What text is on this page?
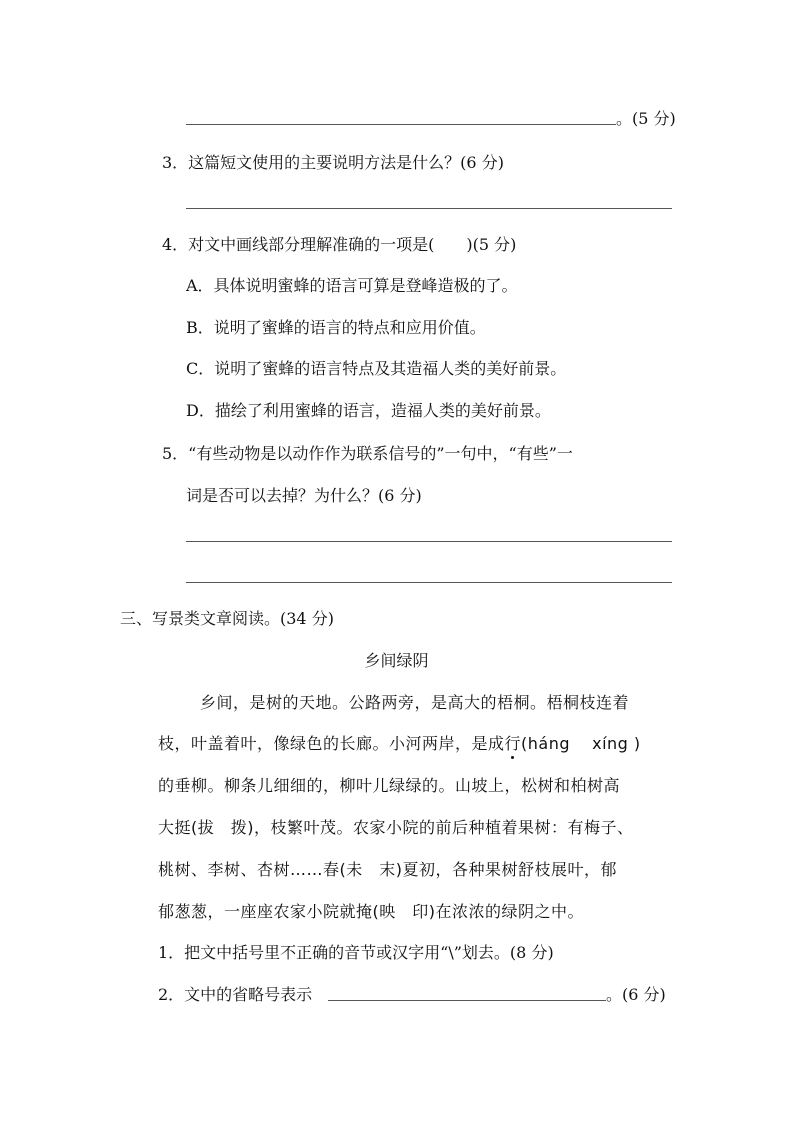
。(5 分)
3．这篇短文使用的主要说明方法是什么？(6 分)
4．对文中画线部分理解准确的一项是(　　)(5 分)
A．具体说明蜜蜂的语言可算是登峰造极的了。
B．说明了蜜蜂的语言的特点和应用价值。
C．说明了蜜蜂的语言特点及其造福人类的美好前景。
D．描绘了利用蜜蜂的语言，造福人类的美好前景。
5．“有些动物是以动作作为联系信号的”一句中，“有些”一
词是否可以去掉？为什么？(6 分)
三、写景类文章阅读。(34 分)
乡间绿阴
乡间，是树的天地。公路两旁，是高大的梧桐。梧桐枝连着
枝，叶盖着叶，像绿色的长廊。小河两岸，是成行(háng　 xíng )
的垂柳。柳条儿细细的，柳叶儿绿绿的。山坡上，松树和柏树高
大挺(拔　拨)，枝繁叶茂。农家小院的前后种植着果树：有梅子、
桃树、李树、杏树……春(未　末)夏初，各种果树舒枝展叶，郁
郁葱葱，一座座农家小院就掩(映　印)在浓浓的绿阴之中。
1．把文中括号里不正确的音节或汉字用“\”划去。(8 分)
2．文中的省略号表示	。(6 分)
